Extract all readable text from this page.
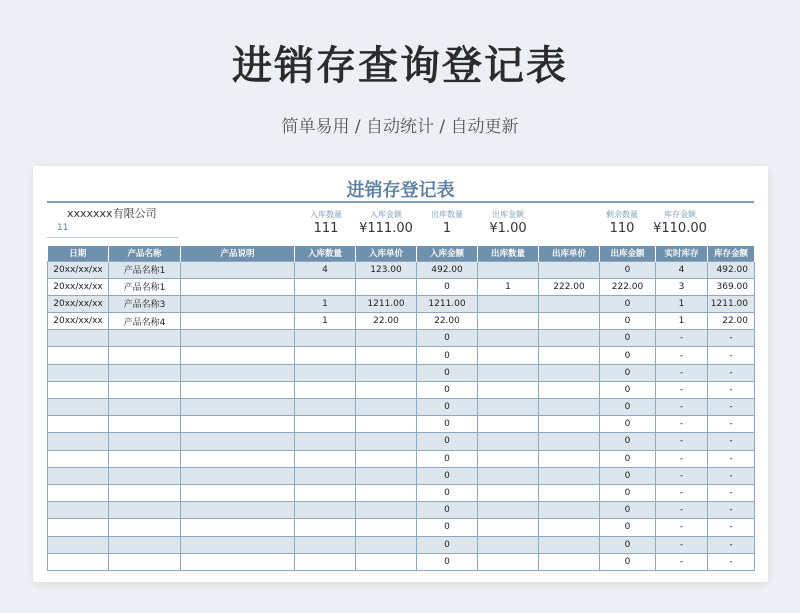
进销存查询登记表
简单易用 / 自动统计 / 自动更新
进销存登记表
xxxxxxx有限公司
11
入库数量
111
入库金额
¥111.00
出库数量
1
出库金额
¥1.00
剩余数量
110
库存金额
¥110.00
日期	产品名称	产品说明	入库数量	入库单价	入库金额	出库数量	出库单价	出库金额	实时库存	库存金额
20xx/xx/xx	产品名称1		4	123.00	492.00			0	4	492.00
20xx/xx/xx	产品名称1				0	1	222.00	222.00	3	369.00
20xx/xx/xx	产品名称3		1	1211.00	1211.00			0	1	1211.00
20xx/xx/xx	产品名称4		1	22.00	22.00			0	1	22.00
					0			0	-	-
					0			0	-	-
					0			0	-	-
					0			0	-	-
					0			0	-	-
					0			0	-	-
					0			0	-	-
					0			0	-	-
					0			0	-	-
					0			0	-	-
					0			0	-	-
					0			0	-	-
					0			0	-	-
					0			0	-	-
